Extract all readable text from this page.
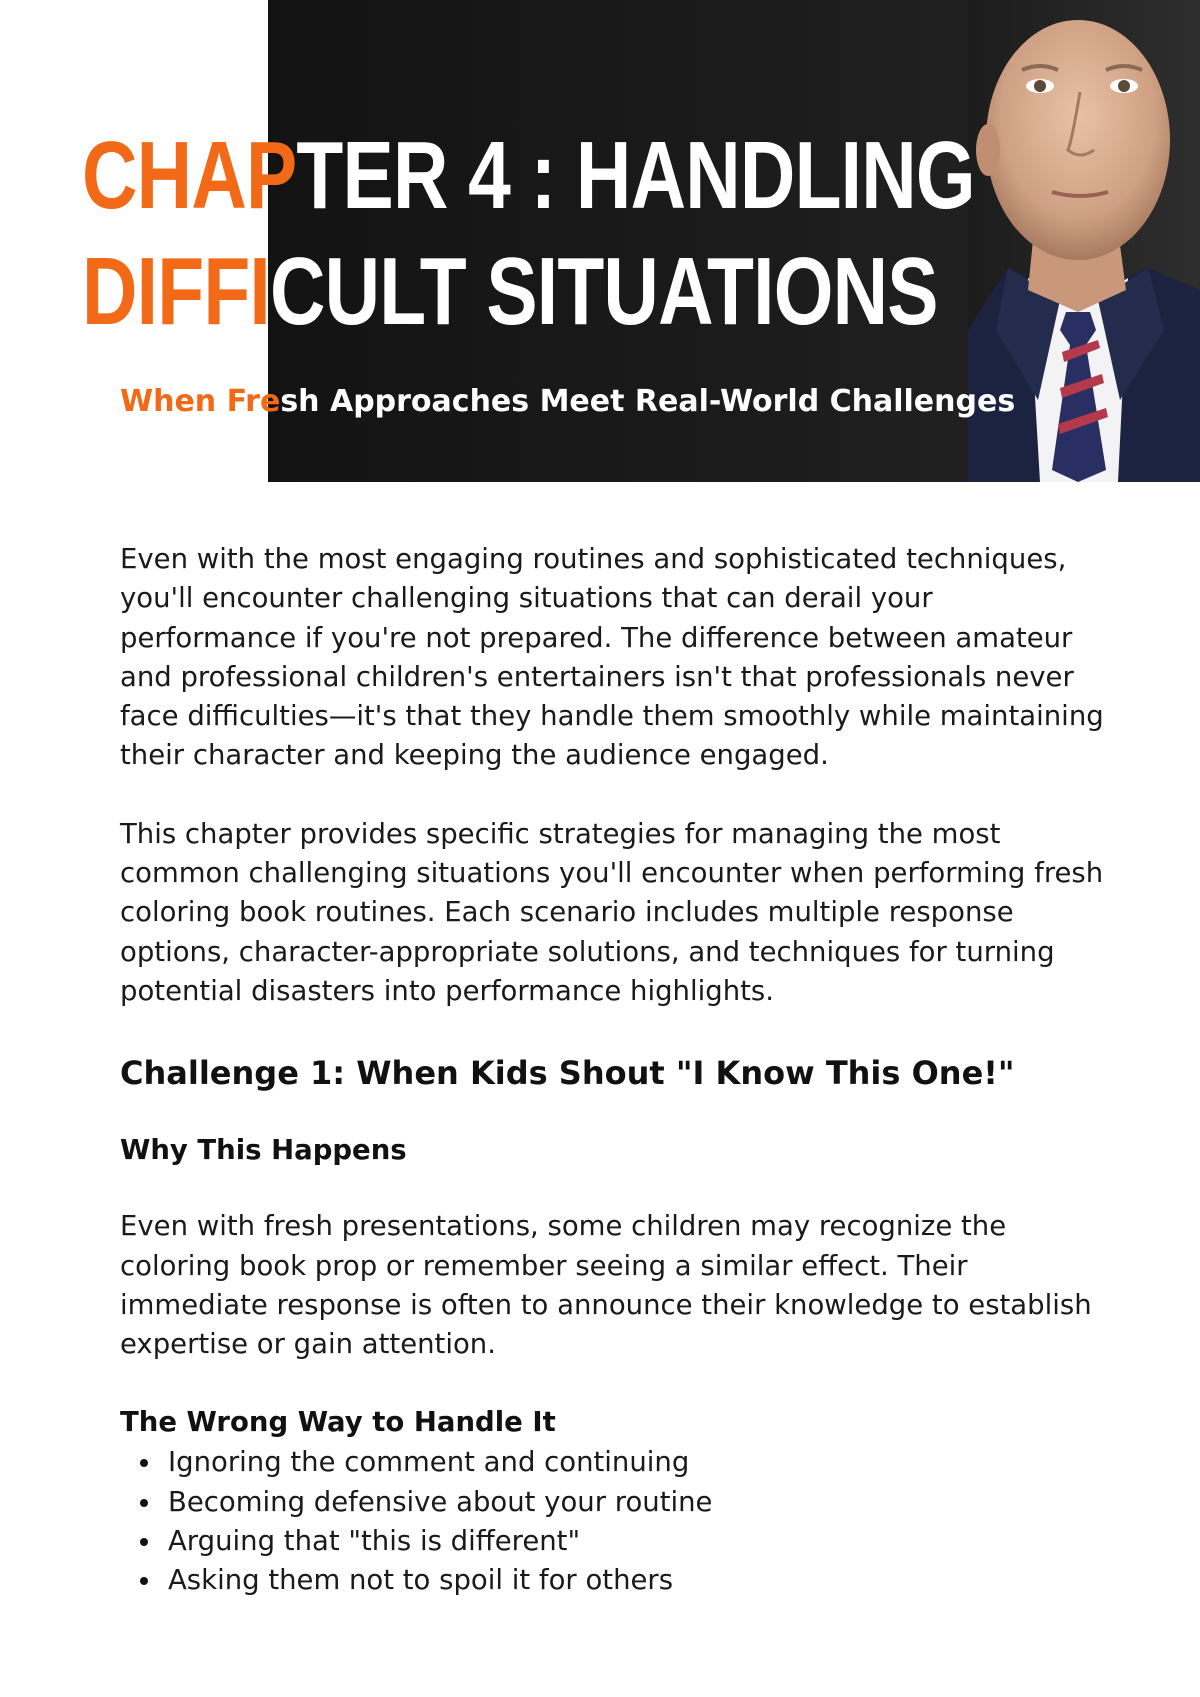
CHAPTER 4 : HANDLING
DIFFICULT SITUATIONS

When Fresh Approaches Meet Real-World Challenges

Even with the most engaging routines and sophisticated techniques, you'll encounter challenging situations that can derail your performance if you're not prepared. The difference between amateur and professional children's entertainers isn't that professionals never face difficulties—it's that they handle them smoothly while maintaining their character and keeping the audience engaged.

This chapter provides specific strategies for managing the most common challenging situations you'll encounter when performing fresh coloring book routines. Each scenario includes multiple response options, character-appropriate solutions, and techniques for turning potential disasters into performance highlights.

Challenge 1: When Kids Shout "I Know This One!"
Why This Happens

Even with fresh presentations, some children may recognize the coloring book prop or remember seeing a similar effect. Their immediate response is often to announce their knowledge to establish expertise or gain attention.

The Wrong Way to Handle It
Ignoring the comment and continuing
Becoming defensive about your routine
Arguing that "this is different"
Asking them not to spoil it for others
